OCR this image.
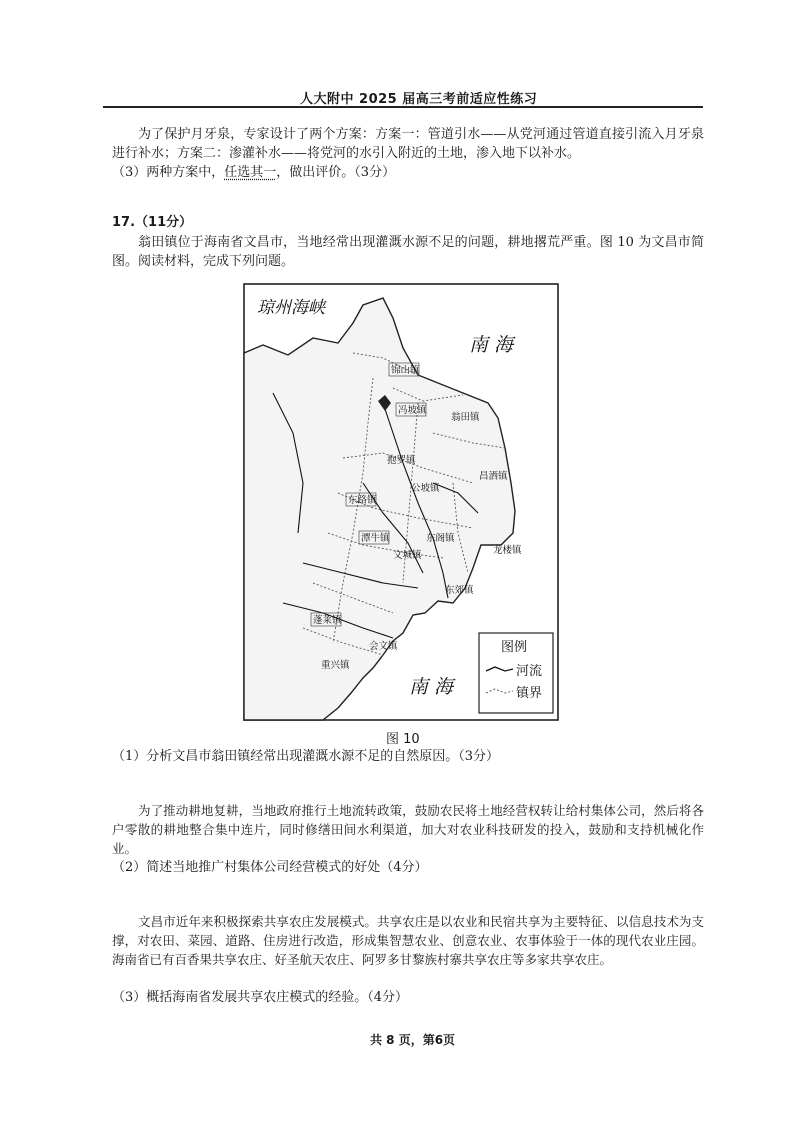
人大附中 2025 届高三考前适应性练习
为了保护月牙泉，专家设计了两个方案：方案一：管道引水——从党河通过管道直接引流入月牙泉进行补水；方案二：渗灌补水——将党河的水引入附近的土地，渗入地下以补水。
（3）两种方案中，任选其一，做出评价。（3分）
17.（11分）
翁田镇位于海南省文昌市，当地经常出现灌溉水源不足的问题，耕地撂荒严重。图 10 为文昌市简图。阅读材料，完成下列问题。
琼州海峡
南 海
南 海
锦山镇
冯坡镇
翁田镇
抱罗镇
昌洒镇
公坡镇
东路镇
潭牛镇	东阁镇
文城镇	龙楼镇
东郊镇
蓬莱镇
会文镇
重兴镇
图例
河流
镇界
图 10
（1）分析文昌市翁田镇经常出现灌溉水源不足的自然原因。（3分）
为了推动耕地复耕，当地政府推行土地流转政策，鼓励农民将土地经营权转让给村集体公司，然后将各户零散的耕地整合集中连片，同时修缮田间水利渠道，加大对农业科技研发的投入，鼓励和支持机械化作业。
（2）简述当地推广村集体公司经营模式的好处（4分）
文昌市近年来积极探索共享农庄发展模式。共享农庄是以农业和民宿共享为主要特征、以信息技术为支撑，对农田、菜园、道路、住房进行改造，形成集智慧农业、创意农业、农事体验于一体的现代农业庄园。海南省已有百香果共享农庄、好圣航天农庄、阿罗多甘黎族村寨共享农庄等多家共享农庄。
（3）概括海南省发展共享农庄模式的经验。（4分）
共 8 页，第6页
